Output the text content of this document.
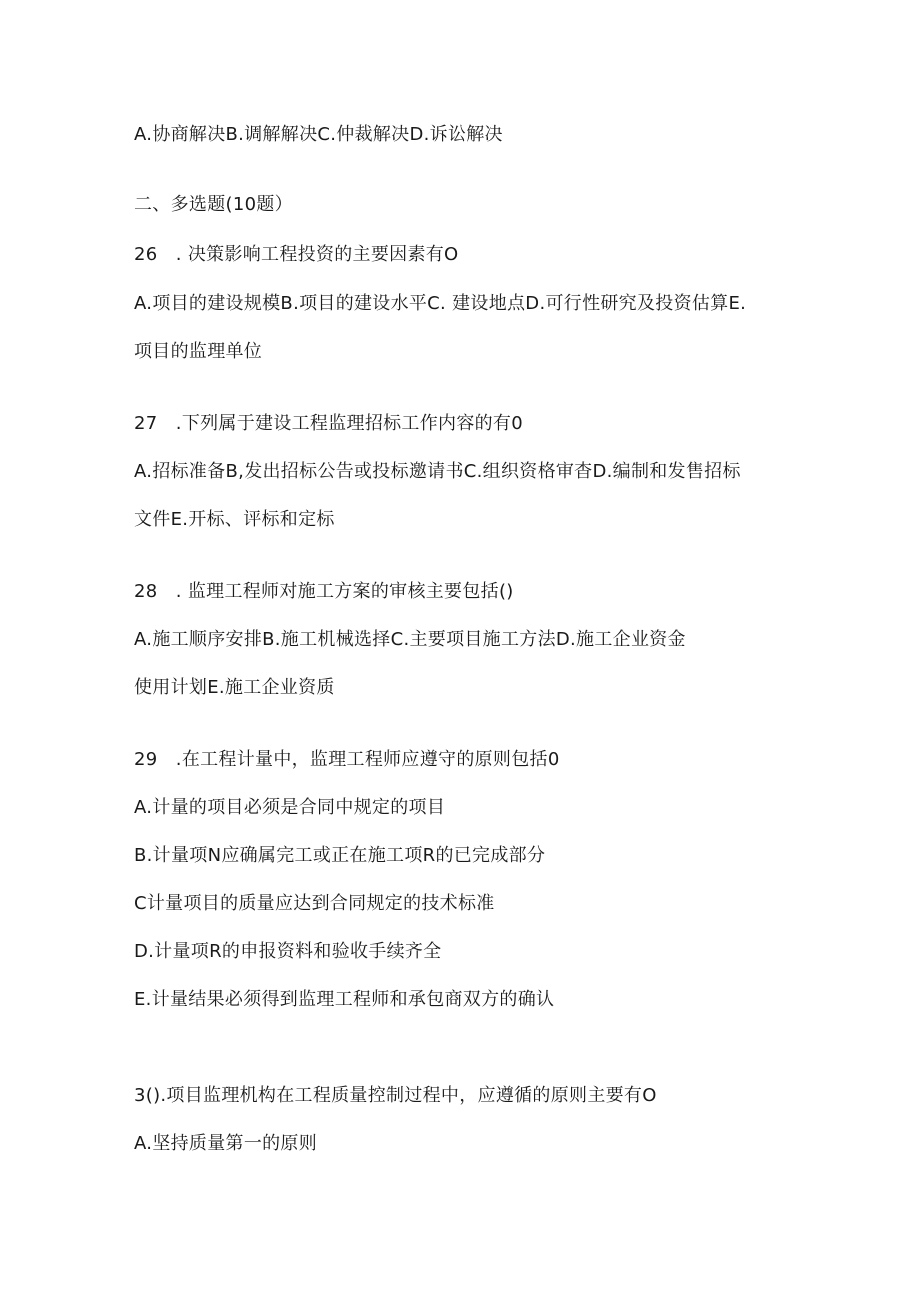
A.协商解决B.调解解决C.仲裁解决D.诉讼解决
二、多选题(10题）
26　. 决策影响工程投资的主要因素有O
A.项目的建设规模B.项目的建设水平C. 建设地点D.可行性研究及投资估算E.
项目的监理单位
27　.下列属于建设工程监理招标工作内容的有0
A.招标准备B,发出招标公告或投标邀请书C.组织资格审杳D.编制和发售招标
文件E.开标、评标和定标
28　. 监理工程师对施工方案的审核主要包括()
A.施工顺序安排B.施工机械选择C.主要项目施工方法D.施工企业资金
使用计划E.施工企业资质
29　.在工程计量中，监理工程师应遵守的原则包括0
A.计量的项目必须是合同中规定的项目
B.计量项N应确属完工或正在施工项R的已完成部分
C计量项目的质量应达到合同规定的技术标准
D.计量项R的申报资料和验收手续齐全
E.计量结果必须得到监理工程师和承包商双方的确认
3().项目监理机构在工程质量控制过程中，应遵循的原则主要有O
A.坚持质量第一的原则
